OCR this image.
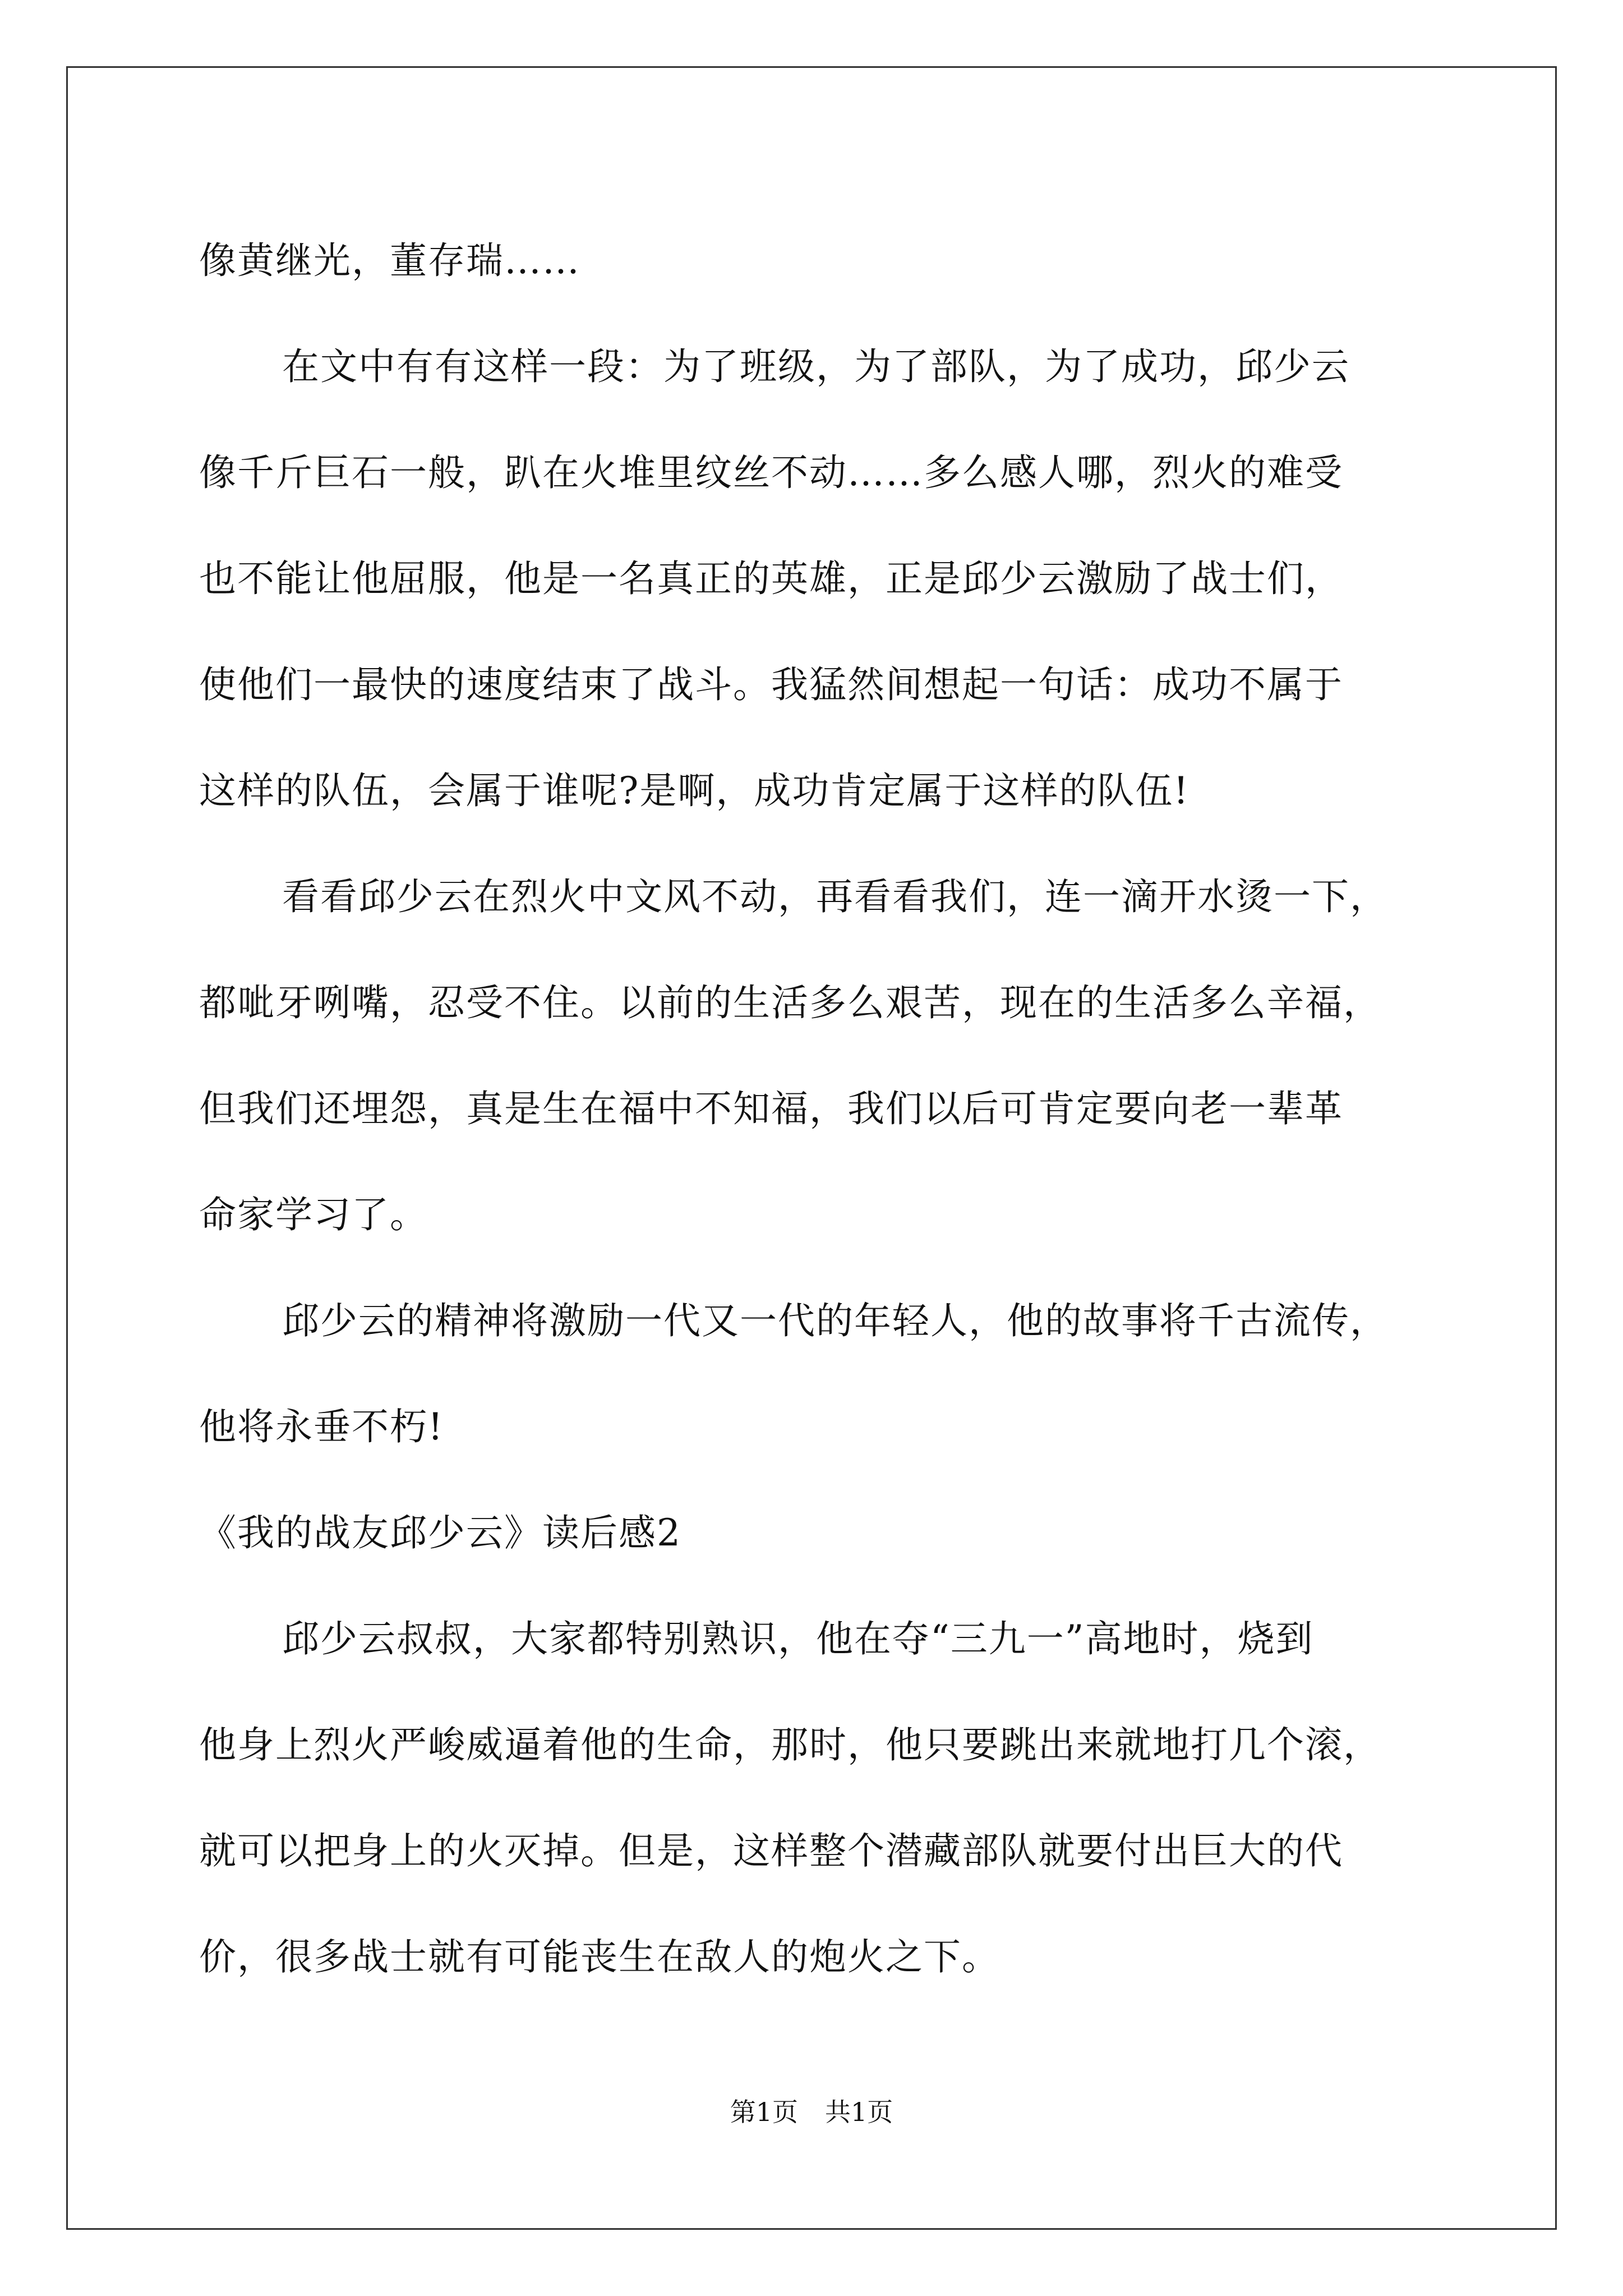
像黄继光，董存瑞……
在文中有有这样一段：为了班级，为了部队，为了成功，邱少云
像千斤巨石一般，趴在火堆里纹丝不动……多么感人哪，烈火的难受
也不能让他屈服，他是一名真正的英雄，正是邱少云激励了战士们，
使他们一最快的速度结束了战斗。我猛然间想起一句话：成功不属于
这样的队伍，会属于谁呢?是啊，成功肯定属于这样的队伍!
看看邱少云在烈火中文风不动，再看看我们，连一滴开水烫一下，
都呲牙咧嘴，忍受不住。以前的生活多么艰苦，现在的生活多么辛福，
但我们还埋怨，真是生在福中不知福，我们以后可肯定要向老一辈革
命家学习了。
邱少云的精神将激励一代又一代的年轻人，他的故事将千古流传，
他将永垂不朽!
《我的战友邱少云》读后感2
邱少云叔叔，大家都特别熟识，他在夺“三九一”高地时，烧到
他身上烈火严峻威逼着他的生命，那时，他只要跳出来就地打几个滚，
就可以把身上的火灭掉。但是，这样整个潜藏部队就要付出巨大的代
价，很多战士就有可能丧生在敌人的炮火之下。
第1页 共1页
